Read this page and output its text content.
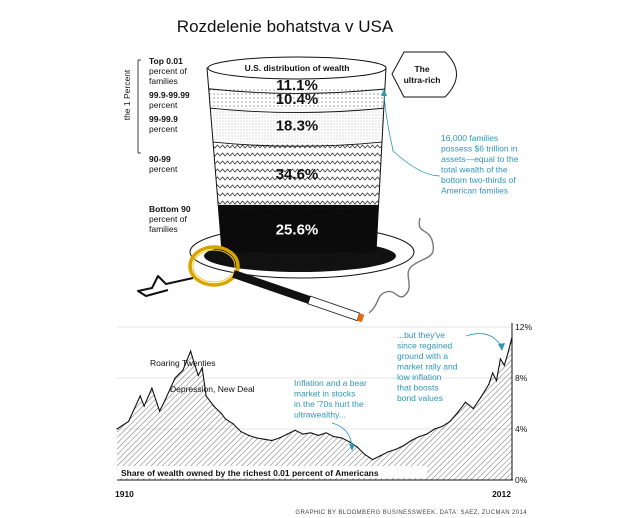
Rozdelenie bohatstva v USA
U.S. distribution of wealth
the 1 Percent
Top 0.01 percent of families
99.9-99.99 percent
99-99.9 percent
90-99 percent
Bottom 90 percent of families
11.1%
10.4%
18.3%
34.6%
25.6%
The ultra-rich
16,000 families possess $6 trillion in assets—equal to the total wealth of the bottom two-thirds of American families
0%
4%
8%
12%
Share of wealth owned by the richest 0.01 percent of Americans
1910	2012
Roaring Twenties
Depression, New Deal
Inflation and a bear market in stocks in the '70s hurt the ultrawealthy...
...but they've since regained ground with a market rally and low inflation that boosts bond values
GRAPHIC BY BLOOMBERG BUSINESSWEEK. DATA: SAEZ, ZUCMAN 2014
